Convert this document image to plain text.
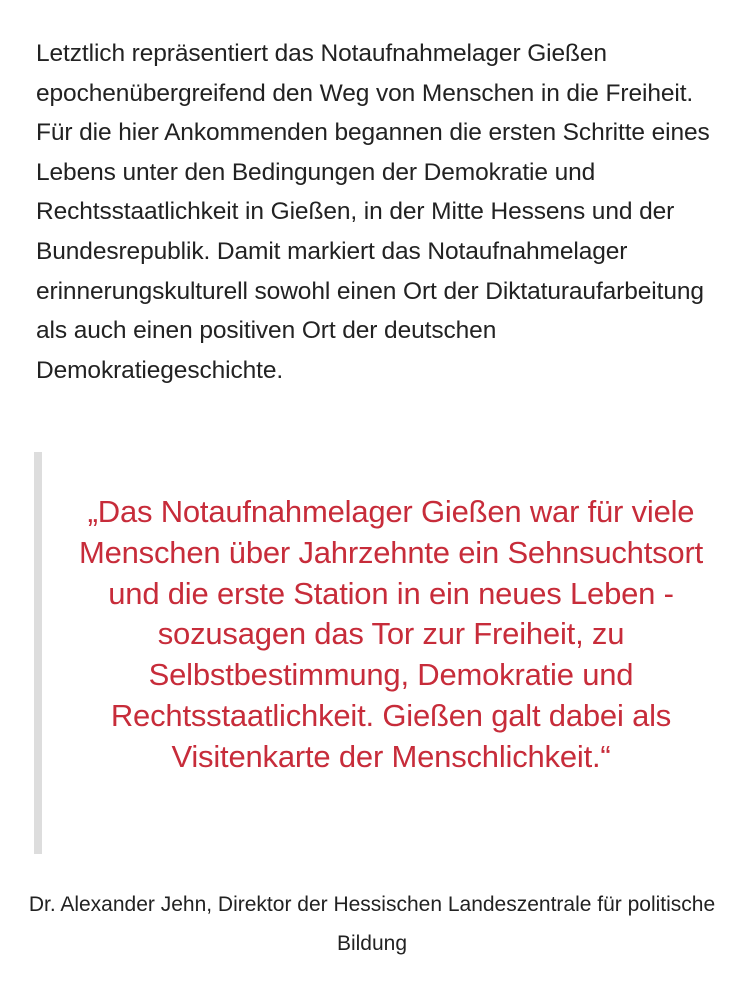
Letztlich repräsentiert das Notaufnahmelager Gießen epochenübergreifend den Weg von Menschen in die Freiheit. Für die hier Ankommenden begannen die ersten Schritte eines Lebens unter den Bedingungen der Demokratie und Rechtsstaatlichkeit in Gießen, in der Mitte Hessens und der Bundesrepublik. Damit markiert das Notaufnahmelager erinnerungskulturell sowohl einen Ort der Diktaturaufarbeitung als auch einen positiven Ort der deutschen Demokratiegeschichte.

„Das Notaufnahmelager Gießen war für viele Menschen über Jahrzehnte ein Sehnsuchtsort und die erste Station in ein neues Leben - sozusagen das Tor zur Freiheit, zu Selbstbestimmung, Demokratie und Rechtsstaatlichkeit. Gießen galt dabei als Visitenkarte der Menschlichkeit.“

Dr. Alexander Jehn, Direktor der Hessischen Landeszentrale für politische Bildung
